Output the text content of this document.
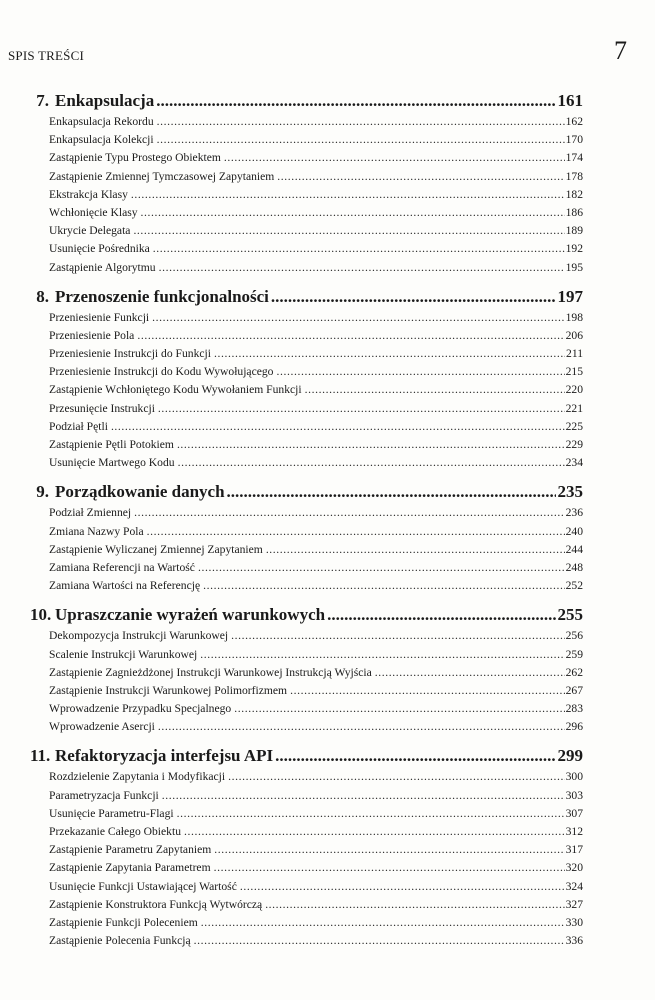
SPIS TREŚCI	7
7. Enkapsulacja .....	161
Enkapsulacja Rekordu .....	162
Enkapsulacja Kolekcji .....	170
Zastąpienie Typu Prostego Obiektem .....	174
Zastąpienie Zmiennej Tymczasowej Zapytaniem .....	178
Ekstrakcja Klasy .....	182
Wchłonięcie Klasy .....	186
Ukrycie Delegata .....	189
Usunięcie Pośrednika .....	192
Zastąpienie Algorytmu .....	195
8. Przenoszenie funkcjonalności .....	197
Przeniesienie Funkcji .....	198
Przeniesienie Pola .....	206
Przeniesienie Instrukcji do Funkcji .....	211
Przeniesienie Instrukcji do Kodu Wywołującego .....	215
Zastąpienie Wchłoniętego Kodu Wywołaniem Funkcji .....	220
Przesunięcie Instrukcji .....	221
Podział Pętli .....	225
Zastąpienie Pętli Potokiem .....	229
Usunięcie Martwego Kodu .....	234
9. Porządkowanie danych .....	235
Podział Zmiennej .....	236
Zmiana Nazwy Pola .....	240
Zastąpienie Wyliczanej Zmiennej Zapytaniem .....	244
Zamiana Referencji na Wartość .....	248
Zamiana Wartości na Referencję .....	252
10. Upraszczanie wyrażeń warunkowych .....	255
Dekompozycja Instrukcji Warunkowej .....	256
Scalenie Instrukcji Warunkowej .....	259
Zastąpienie Zagnieżdżonej Instrukcji Warunkowej Instrukcją Wyjścia .....	262
Zastąpienie Instrukcji Warunkowej Polimorfizmem .....	267
Wprowadzenie Przypadku Specjalnego .....	283
Wprowadzenie Asercji .....	296
11. Refaktoryzacja interfejsu API .....	299
Rozdzielenie Zapytania i Modyfikacji .....	300
Parametryzacja Funkcji .....	303
Usunięcie Parametru-Flagi .....	307
Przekazanie Całego Obiektu .....	312
Zastąpienie Parametru Zapytaniem .....	317
Zastąpienie Zapytania Parametrem .....	320
Usunięcie Funkcji Ustawiającej Wartość .....	324
Zastąpienie Konstruktora Funkcją Wytwórczą .....	327
Zastąpienie Funkcji Poleceniem .....	330
Zastąpienie Polecenia Funkcją .....	336
